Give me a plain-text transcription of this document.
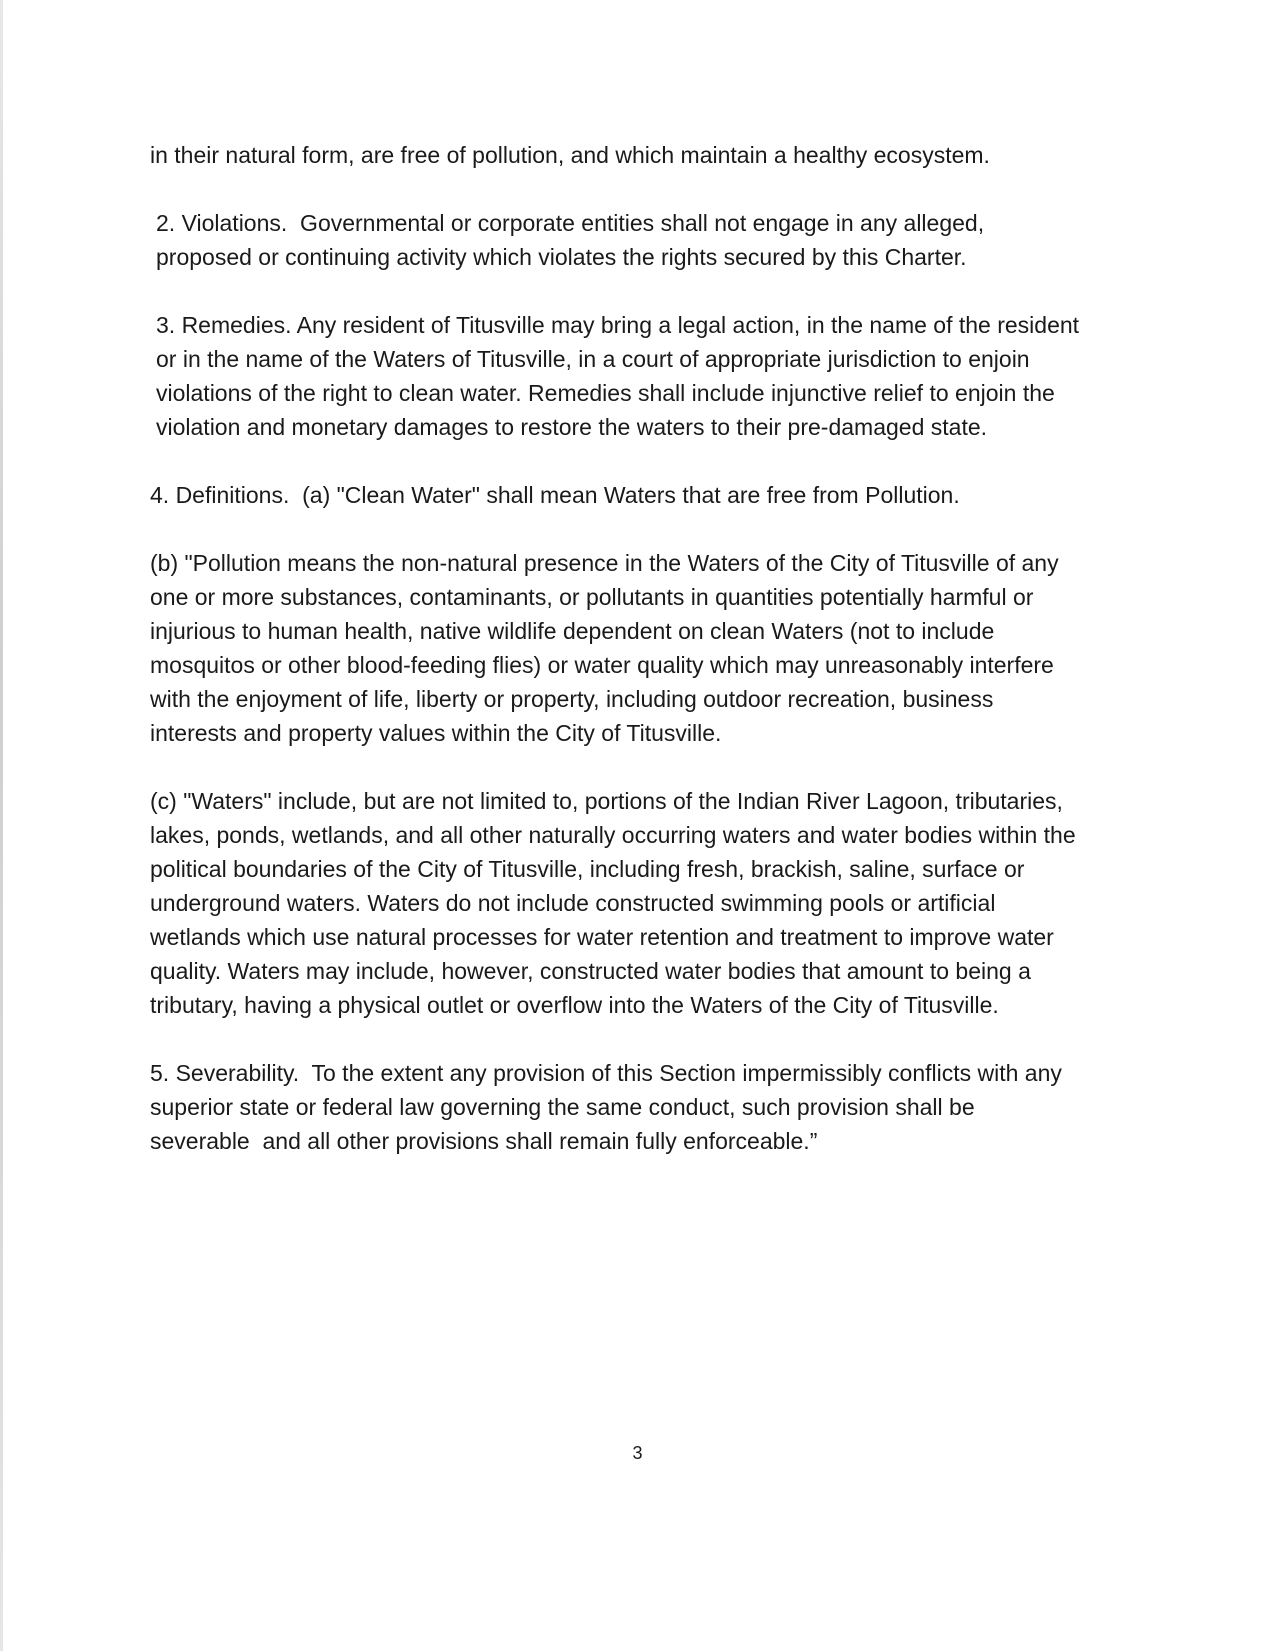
in their natural form, are free of pollution, and which maintain a healthy ecosystem.

2. Violations.  Governmental or corporate entities shall not engage in any alleged, proposed or continuing activity which violates the rights secured by this Charter.

3. Remedies. Any resident of Titusville may bring a legal action, in the name of the resident or in the name of the Waters of Titusville, in a court of appropriate jurisdiction to enjoin violations of the right to clean water. Remedies shall include injunctive relief to enjoin the violation and monetary damages to restore the waters to their pre-damaged state.

4. Definitions.  (a) "Clean Water" shall mean Waters that are free from Pollution.

(b) "Pollution means the non-natural presence in the Waters of the City of Titusville of any one or more substances, contaminants, or pollutants in quantities potentially harmful or injurious to human health, native wildlife dependent on clean Waters (not to include mosquitos or other blood-feeding flies) or water quality which may unreasonably interfere with the enjoyment of life, liberty or property, including outdoor recreation, business interests and property values within the City of Titusville.

(c) "Waters" include, but are not limited to, portions of the Indian River Lagoon, tributaries, lakes, ponds, wetlands, and all other naturally occurring waters and water bodies within the political boundaries of the City of Titusville, including fresh, brackish, saline, surface or underground waters. Waters do not include constructed swimming pools or artificial wetlands which use natural processes for water retention and treatment to improve water quality. Waters may include, however, constructed water bodies that amount to being a tributary, having a physical outlet or overflow into the Waters of the City of Titusville.

5. Severability.  To the extent any provision of this Section impermissibly conflicts with any superior state or federal law governing the same conduct, such provision shall be severable  and all other provisions shall remain fully enforceable.”

3
